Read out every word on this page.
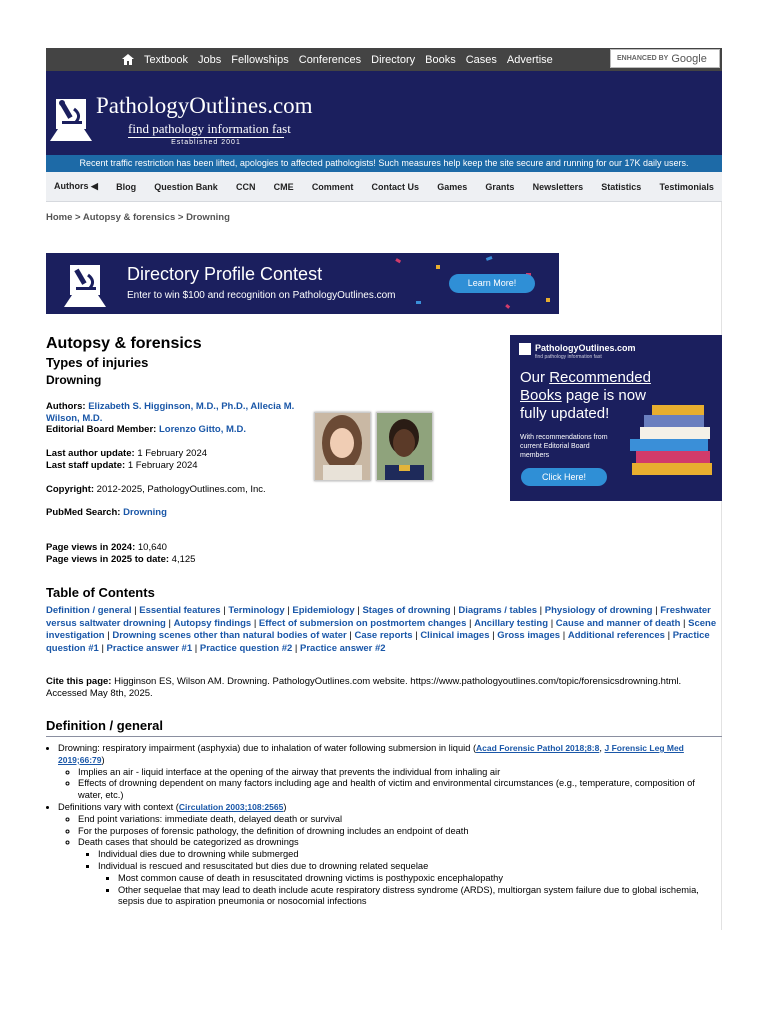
Textbook Jobs Fellowships Conferences Directory Books Cases Advertise	ENHANCED BY Google
PathologyOutlines.com
find pathology information fast
Established 2001
Recent traffic restriction has been lifted, apologies to affected pathologists! Such measures help keep the site secure and running for our 17K daily users.
Authors ◀ Blog Question Bank CCN CME Comment Contact Us Games Grants Newsletters Statistics Testimonials
Home > Autopsy & forensics > Drowning
Directory Profile Contest
Enter to win $100 and recognition on PathologyOutlines.com
Learn More!
Autopsy & forensics
Types of injuries
Drowning
Authors: Elizabeth S. Higginson, M.D., Ph.D., Allecia M. Wilson, M.D.
Editorial Board Member: Lorenzo Gitto, M.D.
Last author update: 1 February 2024
Last staff update: 1 February 2024
Copyright: 2012-2025, PathologyOutlines.com, Inc.
PubMed Search: Drowning
Page views in 2024: 10,640
Page views in 2025 to date: 4,125
PathologyOutlines.com
find pathology information fast
Our Recommended
Books page is now
fully updated!
With recommendations from current Editorial Board members
Click Here!
Table of Contents
Definition / general | Essential features | Terminology | Epidemiology | Stages of drowning | Diagrams / tables | Physiology of drowning | Freshwater versus saltwater drowning | Autopsy findings | Effect of submersion on postmortem changes | Ancillary testing | Cause and manner of death | Scene investigation | Drowning scenes other than natural bodies of water | Case reports | Clinical images | Gross images | Additional references | Practice question #1 | Practice answer #1 | Practice question #2 | Practice answer #2
Cite this page: Higginson ES, Wilson AM. Drowning. PathologyOutlines.com website. https://www.pathologyoutlines.com/topic/forensicsdrowning.html. Accessed May 8th, 2025.
Definition / general
• Drowning: respiratory impairment (asphyxia) due to inhalation of water following submersion in liquid (Acad Forensic Pathol 2018;8:8, J Forensic Leg Med 2019;66:79)
◦ Implies an air - liquid interface at the opening of the airway that prevents the individual from inhaling air
◦ Effects of drowning dependent on many factors including age and health of victim and environmental circumstances (e.g., temperature, composition of water, etc.)
• Definitions vary with context (Circulation 2003;108:2565)
◦ End point variations: immediate death, delayed death or survival
◦ For the purposes of forensic pathology, the definition of drowning includes an endpoint of death
◦ Death cases that should be categorized as drownings
▪ Individual dies due to drowning while submerged
▪ Individual is rescued and resuscitated but dies due to drowning related sequelae
▪ Most common cause of death in resuscitated drowning victims is posthypoxic encephalopathy
▪ Other sequelae that may lead to death include acute respiratory distress syndrome (ARDS), multiorgan system failure due to global ischemia, sepsis due to aspiration pneumonia or nosocomial infections
